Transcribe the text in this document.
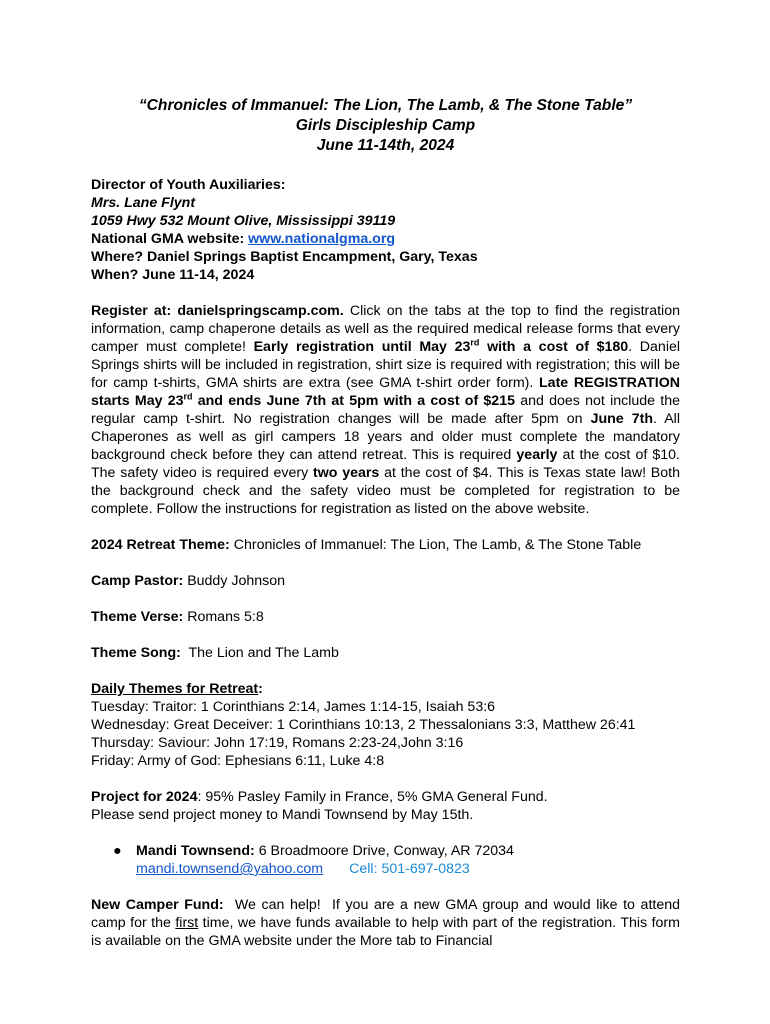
“Chronicles of Immanuel: The Lion, The Lamb, & The Stone Table”
Girls Discipleship Camp
June 11-14th, 2024
Director of Youth Auxiliaries:
Mrs. Lane Flynt
1059 Hwy 532 Mount Olive, Mississippi 39119
National GMA website: www.nationalgma.org
Where? Daniel Springs Baptist Encampment, Gary, Texas
When? June 11-14, 2024
Register at: danielspringscamp.com. Click on the tabs at the top to find the registration information, camp chaperone details as well as the required medical release forms that every camper must complete! Early registration until May 23rd with a cost of $180. Daniel Springs shirts will be included in registration, shirt size is required with registration; this will be for camp t-shirts, GMA shirts are extra (see GMA t-shirt order form). Late REGISTRATION starts May 23rd and ends June 7th at 5pm with a cost of $215 and does not include the regular camp t-shirt. No registration changes will be made after 5pm on June 7th. All Chaperones as well as girl campers 18 years and older must complete the mandatory background check before they can attend retreat. This is required yearly at the cost of $10. The safety video is required every two years at the cost of $4. This is Texas state law! Both the background check and the safety video must be completed for registration to be complete. Follow the instructions for registration as listed on the above website.
2024 Retreat Theme: Chronicles of Immanuel: The Lion, The Lamb, & The Stone Table
Camp Pastor: Buddy Johnson
Theme Verse: Romans 5:8
Theme Song:  The Lion and The Lamb
Daily Themes for Retreat:
Tuesday: Traitor: 1 Corinthians 2:14, James 1:14-15, Isaiah 53:6
Wednesday: Great Deceiver: 1 Corinthians 10:13, 2 Thessalonians 3:3, Matthew 26:41
Thursday: Saviour: John 17:19, Romans 2:23-24,John 3:16
Friday: Army of God: Ephesians 6:11, Luke 4:8
Project for 2024: 95% Pasley Family in France, 5% GMA General Fund.
Please send project money to Mandi Townsend by May 15th.
● Mandi Townsend: 6 Broadmoore Drive, Conway, AR 72034
mandi.townsend@yahoo.com Cell: 501-697-0823
New Camper Fund:  We can help!  If you are a new GMA group and would like to attend camp for the first time, we have funds available to help with part of the registration. This form is available on the GMA website under the More tab to Financial
